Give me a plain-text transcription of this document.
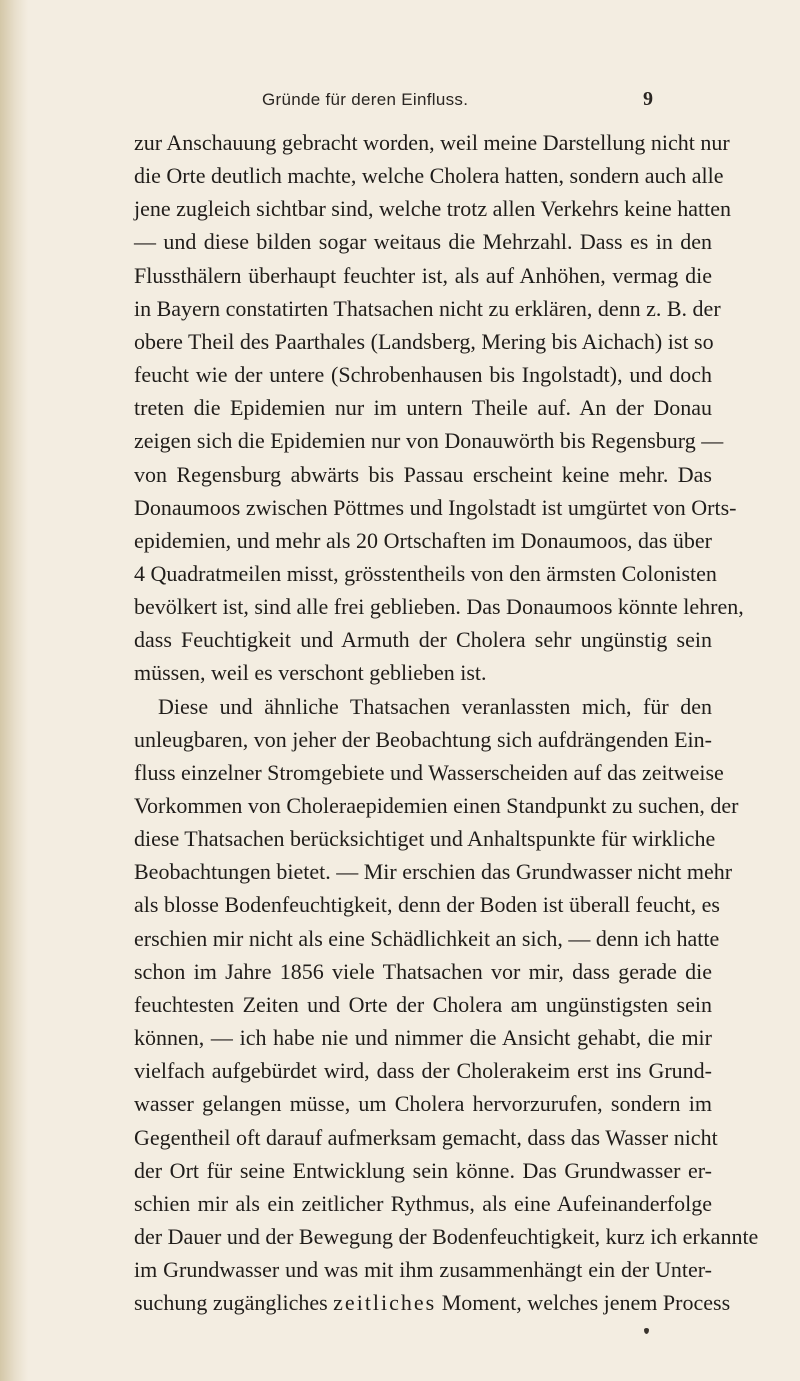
Gründe für deren Einfluss.	9
zur Anschauung gebracht worden, weil meine Darstellung nicht nur
die Orte deutlich machte, welche Cholera hatten, sondern auch alle
jene zugleich sichtbar sind, welche trotz allen Verkehrs keine hatten
— und diese bilden sogar weitaus die Mehrzahl. Dass es in den
Flussthälern überhaupt feuchter ist, als auf Anhöhen, vermag die
in Bayern constatirten Thatsachen nicht zu erklären, denn z. B. der
obere Theil des Paarthales (Landsberg, Mering bis Aichach) ist so
feucht wie der untere (Schrobenhausen bis Ingolstadt), und doch
treten die Epidemien nur im untern Theile auf. An der Donau
zeigen sich die Epidemien nur von Donauwörth bis Regensburg —
von Regensburg abwärts bis Passau erscheint keine mehr. Das
Donaumoos zwischen Pöttmes und Ingolstadt ist umgürtet von Orts-
epidemien, und mehr als 20 Ortschaften im Donaumoos, das über
4 Quadratmeilen misst, grösstentheils von den ärmsten Colonisten
bevölkert ist, sind alle frei geblieben. Das Donaumoos könnte lehren,
dass Feuchtigkeit und Armuth der Cholera sehr ungünstig sein
müssen, weil es verschont geblieben ist.
Diese und ähnliche Thatsachen veranlassten mich, für den
unleugbaren, von jeher der Beobachtung sich aufdrängenden Ein-
fluss einzelner Stromgebiete und Wasserscheiden auf das zeitweise
Vorkommen von Choleraepidemien einen Standpunkt zu suchen, der
diese Thatsachen berücksichtiget und Anhaltspunkte für wirkliche
Beobachtungen bietet. — Mir erschien das Grundwasser nicht mehr
als blosse Bodenfeuchtigkeit, denn der Boden ist überall feucht, es
erschien mir nicht als eine Schädlichkeit an sich, — denn ich hatte
schon im Jahre 1856 viele Thatsachen vor mir, dass gerade die
feuchtesten Zeiten und Orte der Cholera am ungünstigsten sein
können, — ich habe nie und nimmer die Ansicht gehabt, die mir
vielfach aufgebürdet wird, dass der Cholerakeim erst ins Grund-
wasser gelangen müsse, um Cholera hervorzurufen, sondern im
Gegentheil oft darauf aufmerksam gemacht, dass das Wasser nicht
der Ort für seine Entwicklung sein könne. Das Grundwasser er-
schien mir als ein zeitlicher Rythmus, als eine Aufeinanderfolge
der Dauer und der Bewegung der Bodenfeuchtigkeit, kurz ich erkannte
im Grundwasser und was mit ihm zusammenhängt ein der Unter-
suchung zugängliches zeitliches Moment, welches jenem Process
